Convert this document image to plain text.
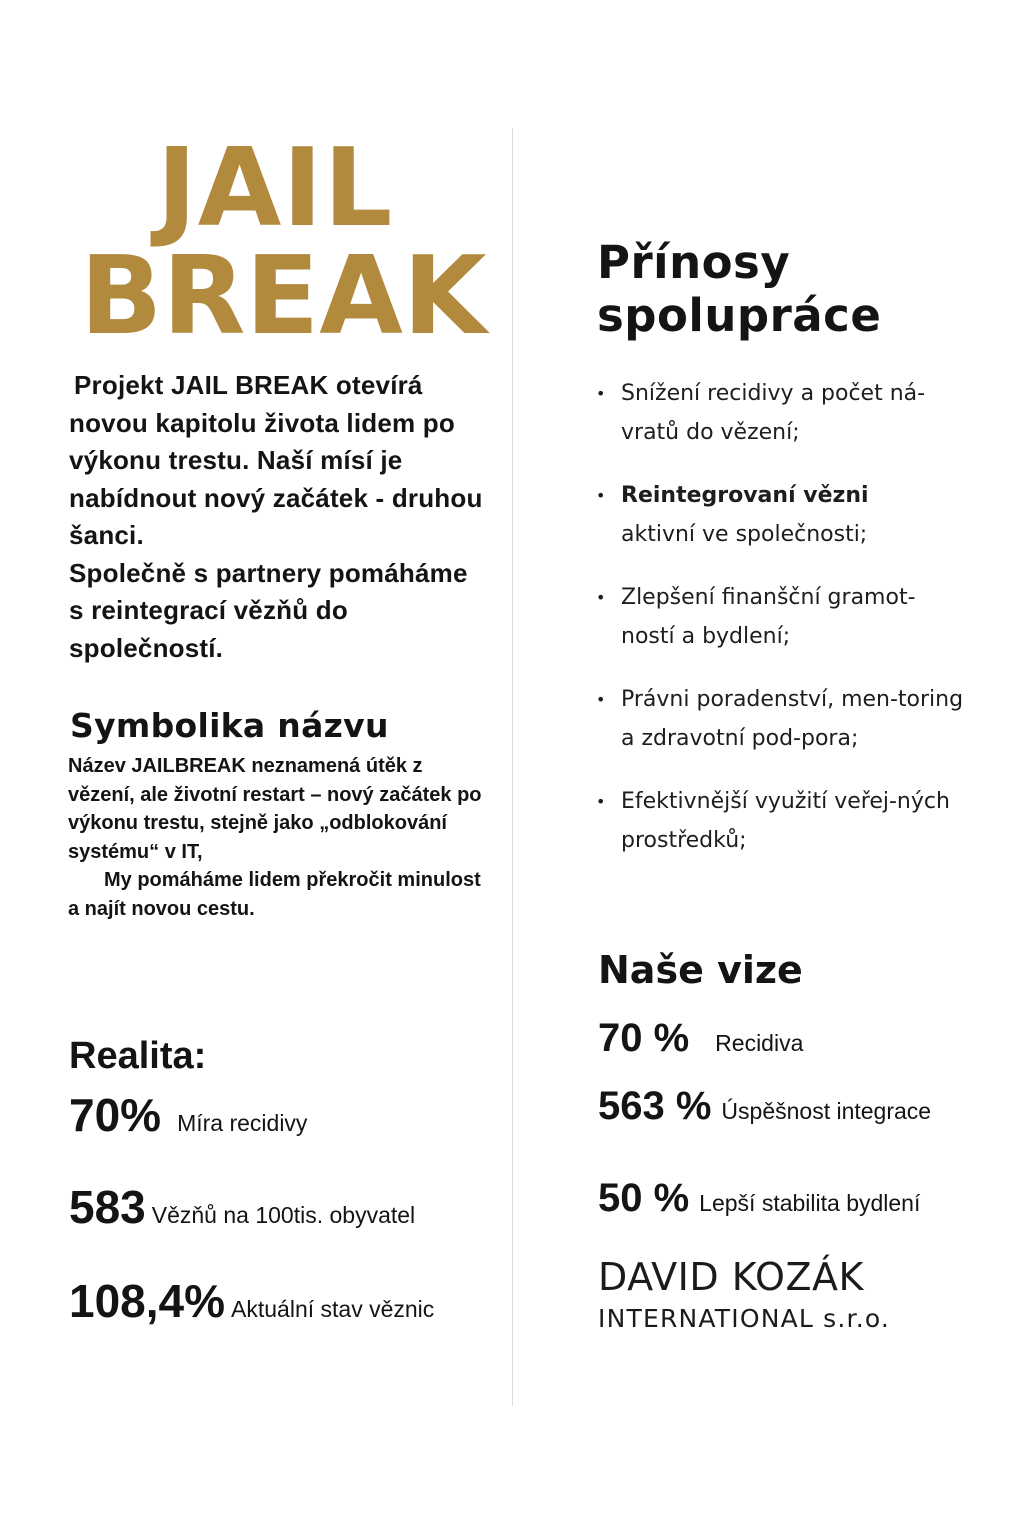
JAIL
BREAK

Projekt JAIL BREAK otevírá novou kapitolu života lidem po výkonu trestu. Naší mísí je nabídnout nový začátek - druhou šanci.

Společně s partnery pomáháme s reintegrací vězňů do společností.

Symbolika názvu

Název JAILBREAK neznamená útěk z vězení, ale životní restart – nový začátek po výkonu trestu, stejně jako „odblokování systému“ v IT,

My pomáháme lidem překročit minulost a najít novou cestu.

Realita:
70% Míra recidivy
583 Vězňů na 100tis. obyvatel
108,4% Aktuální stav věznic
Přínosy
spolupráce
• Snížení recidivy a počet ná-vratů do vězení;
• Reintegrovaní vězni
aktivní ve společnosti;
• Zlepšení finanšční gramot-ností a bydlení;
• Právni poradenství, men-toring a zdravotní pod-pora;
• Efektivnější využití veřej-ných prostředků;
Naše vize
70 % Recidiva
563 % Úspěšnost integrace
50 % Lepší stabilita bydlení
DAVID KOZÁK
INTERNATIONAL s.r.o.
